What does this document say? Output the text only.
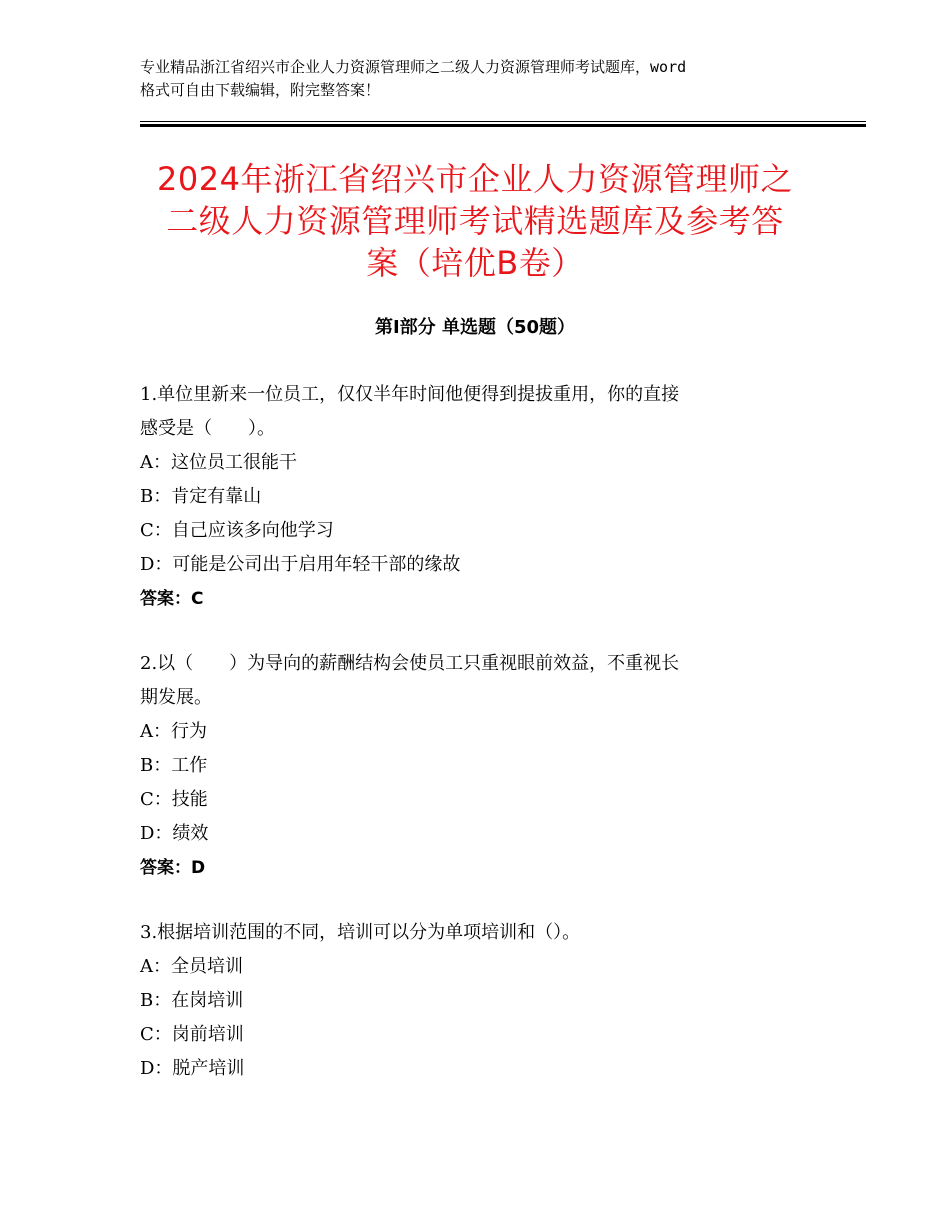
专业精品浙江省绍兴市企业人力资源管理师之二级人力资源管理师考试题库，word
格式可自由下载编辑，附完整答案！
2024年浙江省绍兴市企业人力资源管理师之
二级人力资源管理师考试精选题库及参考答
案（培优B卷）
第Ⅰ部分 单选题（50题）
1.单位里新来一位员工，仅仅半年时间他便得到提拔重用，你的直接
感受是（　　）。
A：这位员工很能干
B：肯定有靠山
C：自己应该多向他学习
D：可能是公司出于启用年轻干部的缘故
答案：C
2.以（　　）为导向的薪酬结构会使员工只重视眼前效益，不重视长
期发展。
A：行为
B：工作
C：技能
D：绩效
答案：D
3.根据培训范围的不同，培训可以分为单项培训和（）。
A：全员培训
B：在岗培训
C：岗前培训
D：脱产培训
